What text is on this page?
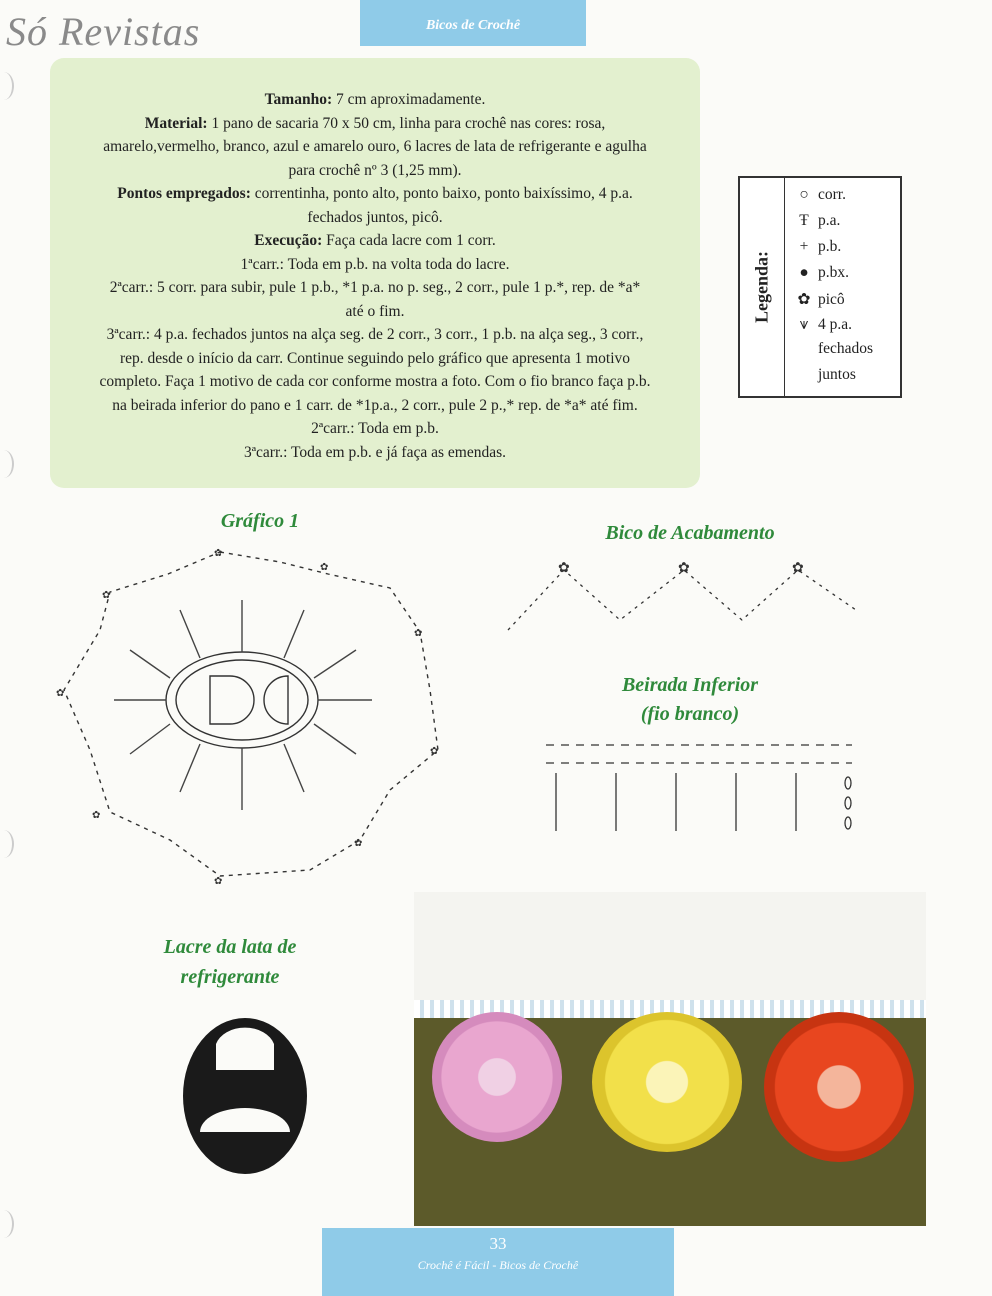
Só Revistas	Bicos de Crochê

Tamanho: 7 cm aproximadamente.

Material: 1 pano de sacaria 70 x 50 cm, linha para crochê nas cores: rosa,

amarelo,vermelho, branco, azul e amarelo ouro, 6 lacres de lata de refrigerante e agulha

para crochê nº 3 (1,25 mm).

Pontos empregados: correntinha, ponto alto, ponto baixo, ponto baixíssimo, 4 p.a.

fechados juntos, picô.

Execução: Faça cada lacre com 1 corr.

1ªcarr.: Toda em p.b. na volta toda do lacre.

2ªcarr.: 5 corr. para subir, pule 1 p.b., *1 p.a. no p. seg., 2 corr., pule 1 p.*, rep. de *a*

até o fim.

3ªcarr.: 4 p.a. fechados juntos na alça seg. de 2 corr., 3 corr., 1 p.b. na alça seg., 3 corr.,

rep. desde o início da carr. Continue seguindo pelo gráfico que apresenta 1 motivo

completo. Faça 1 motivo de cada cor conforme mostra a foto. Com o fio branco faça p.b.

na beirada inferior do pano e 1 carr. de *1p.a., 2 corr., pule 2 p.,* rep. de *a* até fim.

2ªcarr.: Toda em p.b.

3ªcarr.: Toda em p.b. e já faça as emendas.

Legenda:
○ corr.
Ŧ p.a.
+ p.b.
● p.bx.
✿ picô
⩛ 4 p.a.
fechados
juntos
Gráfico 1
Bico de Acabamento
Beirada Inferior
(fio branco)
Lacre da lata de
refrigerante
✿
✿
✿
✿
✿
✿
✿
✿
✿
✿	✿	✿
33
Crochê é Fácil - Bicos de Crochê
